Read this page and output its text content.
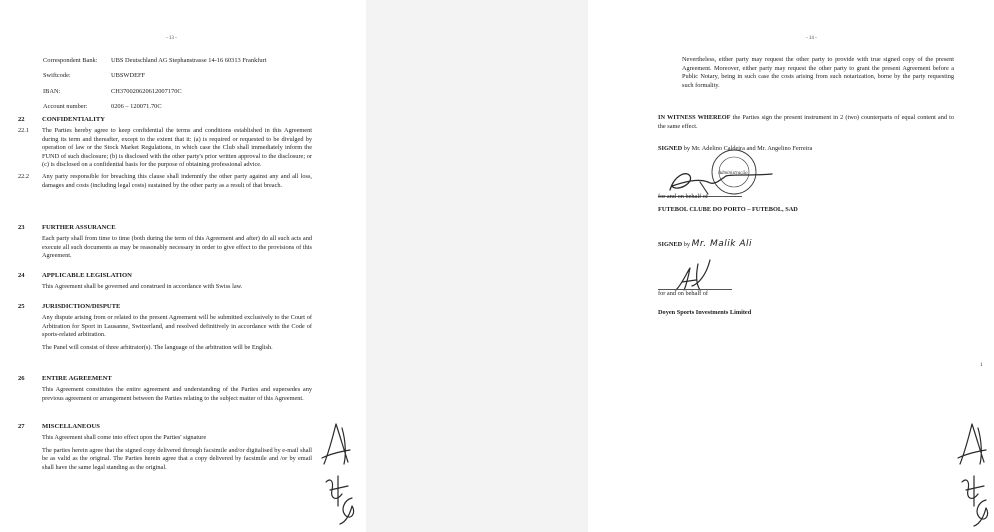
- 13 -
Correspondent Bank: UBS Deutschland AG Stephanstrasse 14-16 60313 Frankfurt
Swiftcode:	UBSWDEFF
IBAN:	CH370020620612007170C
Account number:	0206 – 120071.70C
22	CONFIDENTIALITY
22.1 The Parties hereby agree to keep confidential the terms and conditions established in this Agreement during its term and thereafter, except to the extent that it: (a) is required or requested to be divulged by operation of law or the Stock Market Regulations, in which case the Club shall immediately inform the FUND of such disclosure; (b) is disclosed with the other party's prior written approval to the disclosure; or (c) is disclosed on a confidential basis for the purpose of obtaining professional advice.
22.2 Any party responsible for breaching this clause shall indemnify the other party against any and all loss, damages and costs (including legal costs) sustained by the other party as a result of that breach.
23	FURTHER ASSURANCE
Each party shall from time to time (both during the term of this Agreement and after) do all such acts and execute all such documents as may be reasonably necessary in order to give effect to the provisions of this Agreement.
24	APPLICABLE LEGISLATION
This Agreement shall be governed and construed in accordance with Swiss law.
25	JURISDICTION/DISPUTE
Any dispute arising from or related to the present Agreement will be submitted exclusively to the Court of Arbitration for Sport in Lausanne, Switzerland, and resolved definitively in accordance with the Code of sports-related arbitration.
The Panel will consist of three arbitrator(s). The language of the arbitration will be English.
26	ENTIRE AGREEMENT
This Agreement constitutes the entire agreement and understanding of the Parties and supersedes any previous agreement or arrangement between the Parties relating to the subject matter of this Agreement.
27	MISCELLANEOUS
This Agreement shall come into effect upon the Parties' signature
The parties herein agree that the signed copy delivered through facsimile and/or digitalised by e-mail shall be as valid as the original. The Parties herein agree that a copy delivered by facsimile and /or by email shall have the same legal standing as the original.
- 14 -
Nevertheless, either party may request the other party to provide with true signed copy of the present Agreement. Moreover, either party may request the other party to grant the present Agreement before a Public Notary, being in such case the costs arising from such notarization, borne by the party requesting such formality.
IN WITNESS WHEREOF the Parties sign the present instrument in 2 (two) counterparts of equal content and to the same effect.
SIGNED by Mr. Adelino Caldeira and Mr. Angelino Ferreira
Administração
for and on behalf of
FUTEBOL CLUBE DO PORTO – FUTEBOL, SAD
SIGNED by Mr. Malik Ali
for and on behalf of
Doyen Sports Investments Limited
1
